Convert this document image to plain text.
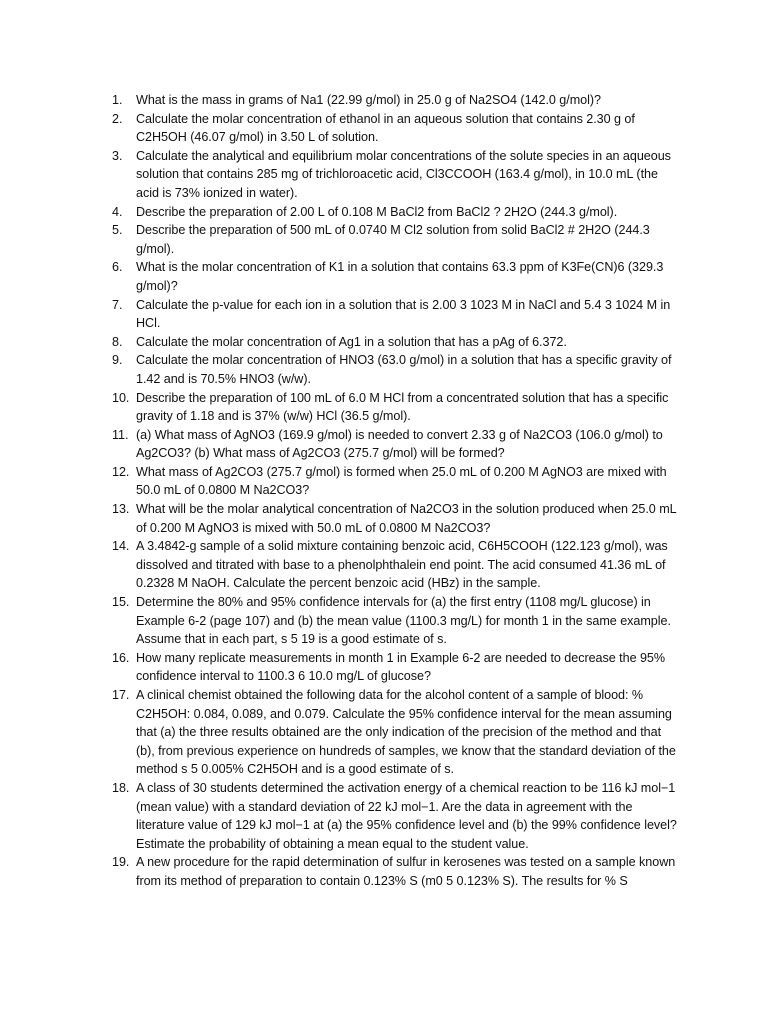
1.	What is the mass in grams of Na1 (22.99 g/mol) in 25.0 g of Na2SO4 (142.0 g/mol)?
2.	Calculate the molar concentration of ethanol in an aqueous solution that contains 2.30 g of C2H5OH (46.07 g/mol) in 3.50 L of solution.
3.	Calculate the analytical and equilibrium molar concentrations of the solute species in an aqueous solution that contains 285 mg of trichloroacetic acid, Cl3CCOOH (163.4 g/mol), in 10.0 mL (the acid is 73% ionized in water).
4.	Describe the preparation of 2.00 L of 0.108 M BaCl2 from BaCl2 ? 2H2O (244.3 g/mol).
5.	Describe the preparation of 500 mL of 0.0740 M Cl2 solution from solid BaCl2 # 2H2O (244.3 g/mol).
6.	What is the molar concentration of K1 in a solution that contains 63.3 ppm of K3Fe(CN)6 (329.3 g/mol)?
7.	Calculate the p-value for each ion in a solution that is 2.00 3 1023 M in NaCl and 5.4 3 1024 M in HCl.
8.	Calculate the molar concentration of Ag1 in a solution that has a pAg of 6.372.
9.	Calculate the molar concentration of HNO3 (63.0 g/mol) in a solution that has a specific gravity of 1.42 and is 70.5% HNO3 (w/w).
10. Describe the preparation of 100 mL of 6.0 M HCl from a concentrated solution that has a specific gravity of 1.18 and is 37% (w/w) HCl (36.5 g/mol).
11. (a) What mass of AgNO3 (169.9 g/mol) is needed to convert 2.33 g of Na2CO3 (106.0 g/mol) to Ag2CO3? (b) What mass of Ag2CO3 (275.7 g/mol) will be formed?
12. What mass of Ag2CO3 (275.7 g/mol) is formed when 25.0 mL of 0.200 M AgNO3 are mixed with 50.0 mL of 0.0800 M Na2CO3?
13. What will be the molar analytical concentration of Na2CO3 in the solution produced when 25.0 mL of 0.200 M AgNO3 is mixed with 50.0 mL of 0.0800 M Na2CO3?
14. A 3.4842-g sample of a solid mixture containing benzoic acid, C6H5COOH (122.123 g/mol), was dissolved and titrated with base to a phenolphthalein end point. The acid consumed 41.36 mL of 0.2328 M NaOH. Calculate the percent benzoic acid (HBz) in the sample.
15. Determine the 80% and 95% confidence intervals for (a) the first entry (1108 mg/L glucose) in Example 6-2 (page 107) and (b) the mean value (1100.3 mg/L) for month 1 in the same example. Assume that in each part, s 5 19 is a good estimate of s.
16. How many replicate measurements in month 1 in Example 6-2 are needed to decrease the 95% confidence interval to 1100.3 6 10.0 mg/L of glucose?
17. A clinical chemist obtained the following data for the alcohol content of a sample of blood: % C2H5OH: 0.084, 0.089, and 0.079. Calculate the 95% confidence interval for the mean assuming that (a) the three results obtained are the only indication of the precision of the method and that (b), from previous experience on hundreds of samples, we know that the standard deviation of the method s 5 0.005% C2H5OH and is a good estimate of s.
18. A class of 30 students determined the activation energy of a chemical reaction to be 116 kJ mol−1 (mean value) with a standard deviation of 22 kJ mol−1. Are the data in agreement with the literature value of 129 kJ mol−1 at (a) the 95% confidence level and (b) the 99% confidence level? Estimate the probability of obtaining a mean equal to the student value.
19. A new procedure for the rapid determination of sulfur in kerosenes was tested on a sample known from its method of preparation to contain 0.123% S (m0 5 0.123% S). The results for % S
